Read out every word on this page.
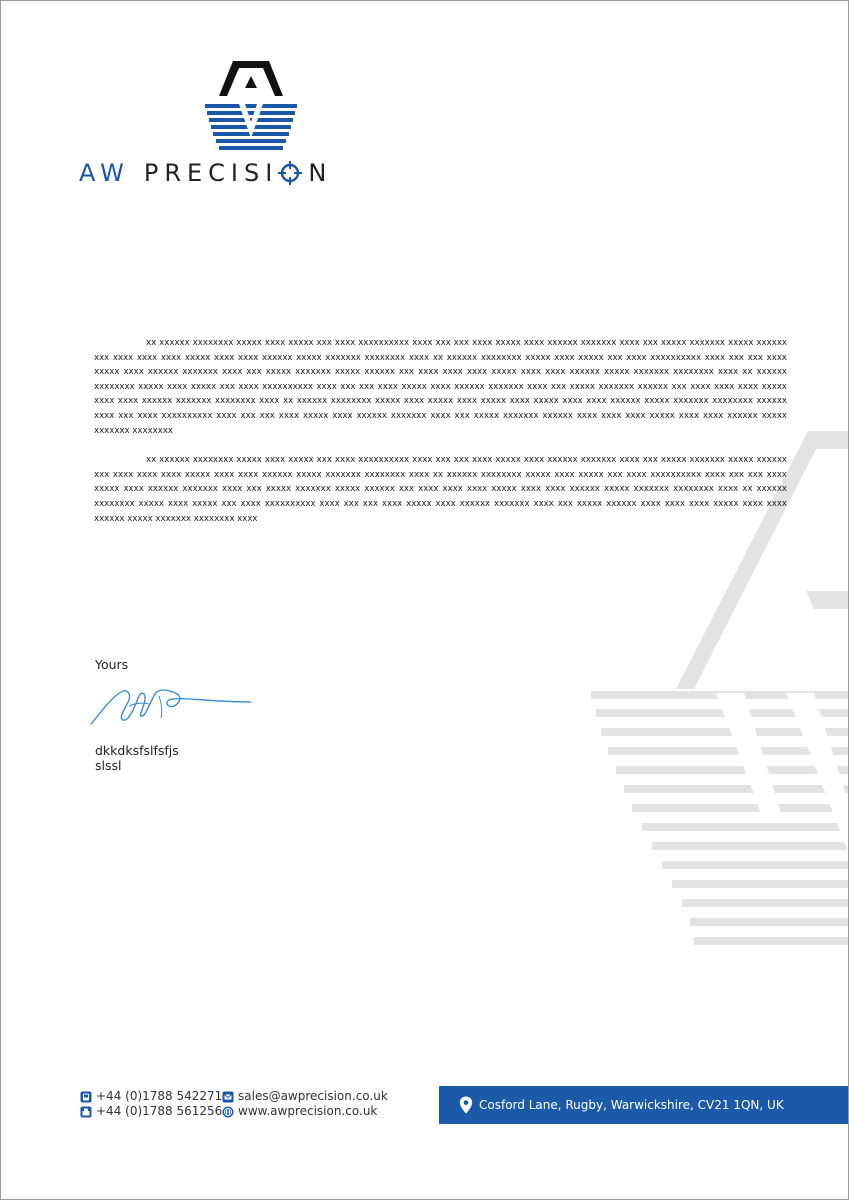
AW PRECISI N

xx xxxxxx xxxxxxxx xxxxx xxxx xxxxx xxx xxxx xxxxxxxxxx xxxx xxx xxx xxxx xxxxx xxxx xxxxxx xxxxxxx xxxx xxx xxxxx xxxxxxx xxxxx xxxxxx xxx xxxx xxxx xxxx xxxxx xxxx xxxx xxxxxx xxxxx xxxxxxx xxxxxxxx xxxx xx xxxxxx xxxxxxxx xxxxx xxxx xxxxx xxx xxxx xxxxxxxxxx xxxx xxx xxx xxxx xxxxx xxxx xxxxxx xxxxxxx xxxx xxx xxxxx xxxxxxx xxxxx xxxxxx xxx xxxx xxxx xxxx xxxxx xxxx xxxx xxxxxx xxxxx xxxxxxx xxxxxxxx xxxx xx xxxxxx xxxxxxxx xxxxx xxxx xxxxx xxx xxxx xxxxxxxxxx xxxx xxx xxx xxxx xxxxx xxxx xxxxxx xxxxxxx xxxx xxx xxxxx xxxxxxx xxxxxx xxx xxxx xxxx xxxx xxxxx xxxx xxxx xxxxxx xxxxxxx xxxxxxxx xxxx xx xxxxxx xxxxxxxx xxxxx xxxx xxxxx xxxx xxxxx xxxx xxxxx xxxx xxxx xxxxxx xxxxx xxxxxxx xxxxxxxx xxxxxx xxxx xxx xxxx xxxxxxxxxx xxxx xxx xxx xxxx xxxxx xxxx xxxxxx xxxxxxx xxxx xxx xxxxx xxxxxxx xxxxxx xxxx xxxx xxxx xxxxx xxxx xxxx xxxxxx xxxxx xxxxxxx xxxxxxxx

xx xxxxxx xxxxxxxx xxxxx xxxx xxxxx xxx xxxx xxxxxxxxxx xxxx xxx xxx xxxx xxxxx xxxx xxxxxx xxxxxxx xxxx xxx xxxxx xxxxxxx xxxxx xxxxxx xxx xxxx xxxx xxxx xxxxx xxxx xxxx xxxxxx xxxxx xxxxxxx xxxxxxxx xxxx xx xxxxxx xxxxxxxx xxxxx xxxx xxxxx xxx xxxx xxxxxxxxxx xxxx xxx xxx xxxx xxxxx xxxx xxxxxx xxxxxxx xxxx xxx xxxxx xxxxxxx xxxxx xxxxxx xxx xxxx xxxx xxxx xxxxx xxxx xxxx xxxxxx xxxxx xxxxxxx xxxxxxxx xxxx xx xxxxxx xxxxxxxx xxxxx xxxx xxxxx xxx xxxx xxxxxxxxxx xxxx xxx xxx xxxx xxxxx xxxx xxxxxx xxxxxxx xxxx xxx xxxxx xxxxxx xxxx xxxx xxxx xxxxx xxxx xxxx xxxxxx xxxxx xxxxxxx xxxxxxxx xxxx

Yours
dkkdksfslfsfjs
slssl
+44 (0)1788 542271
+44 (0)1788 561256
sales@awprecision.co.uk
www.awprecision.co.uk	Cosford Lane, Rugby, Warwickshire, CV21 1QN, UK
